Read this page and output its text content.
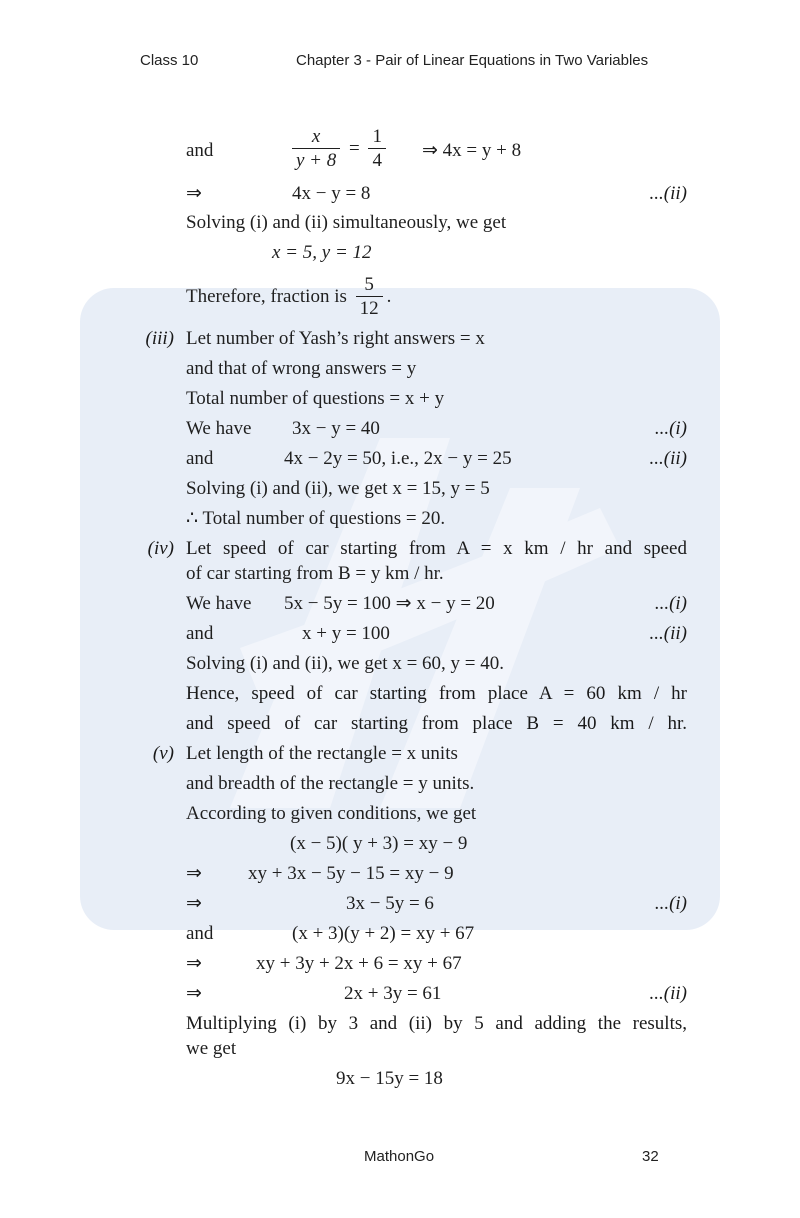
Class 10	Chapter 3 - Pair of Linear Equations in Two Variables
and	$\frac{x}{y + 8} = \frac{1}{4}$ ⇒ 4x = y + 8
⇒	4x − y = 8	...(ii)
Solving (i) and (ii) simultaneously, we get
x = 5, y = 12
Therefore, fraction is $\frac{5}{12}$ .
(iii) Let number of Yash’s right answers = x
and that of wrong answers = y
Total number of questions = x + y
We have 3x − y = 40	...(i)
and	4x − 2y = 50, i.e., 2x − y = 25	...(ii)
Solving (i) and (ii), we get x = 15, y = 5
∴ Total number of questions = 20.
(iv) Let speed of car starting from A = x km / hr and speed
of car starting from B = y km / hr.
We have 5x − 5y = 100 ⇒ x − y = 20	...(i)
and	x + y = 100	...(ii)
Solving (i) and (ii), we get x = 60, y = 40.
Hence, speed of car starting from place A = 60 km / hr
and speed of car starting from place B = 40 km / hr.
(v) Let length of the rectangle = x units
and breadth of the rectangle = y units.
According to given conditions, we get
(x − 5)( y + 3) = xy − 9
⇒ xy + 3x − 5y − 15 = xy − 9
⇒	3x − 5y = 6	...(i)
and	(x + 3)(y + 2) = xy + 67
⇒	xy + 3y + 2x + 6 = xy + 67
⇒	2x + 3y = 61	...(ii)
Multiplying (i) by 3 and (ii) by 5 and adding the results,
we get
9x − 15y = 18
MathonGo	32
